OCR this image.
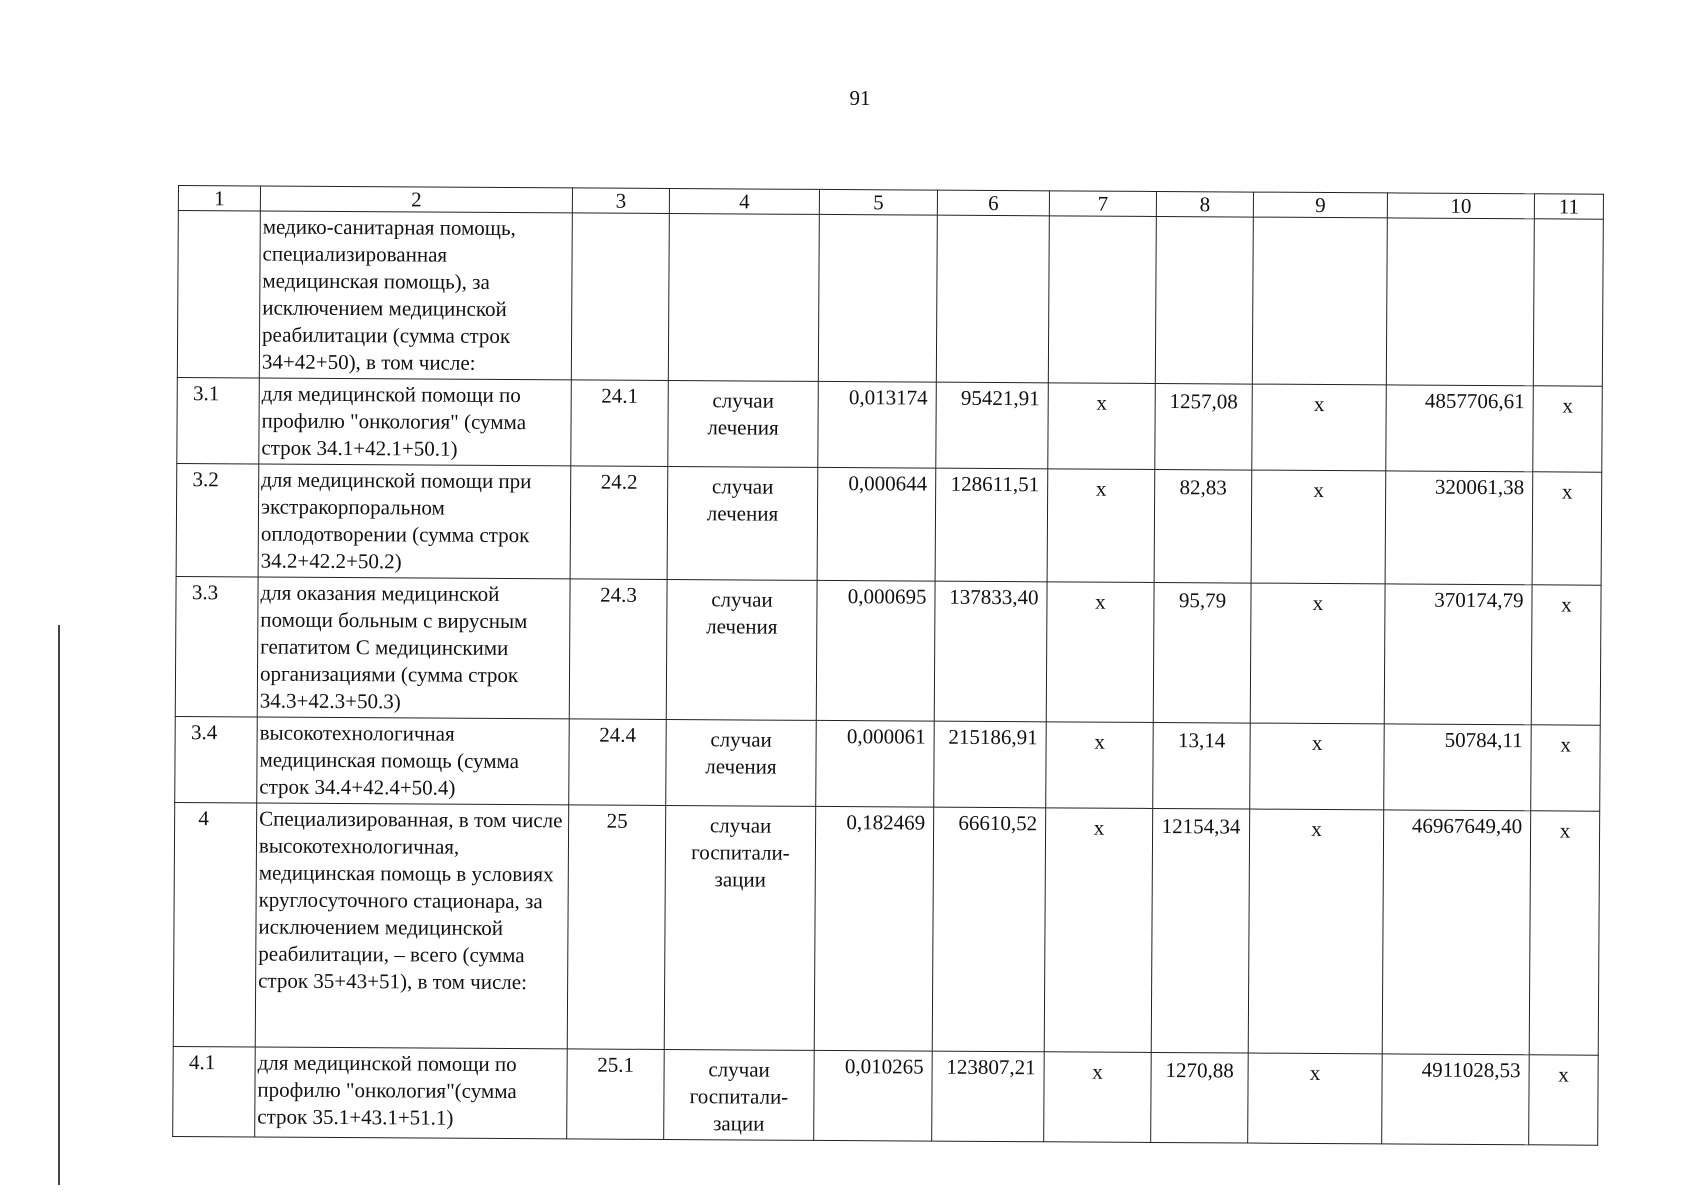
91
1	2	3	4	5	6	7	8	9	10	11
	медико-санитарная помощь, специализированная медицинская помощь), за исключением медицинской реабилитации (сумма строк 34+42+50), в том числе:									
3.1	для медицинской помощи по профилю "онкология" (сумма строк 34.1+42.1+50.1)	24.1	случаи лечения	0,013174	95421,91	х	1257,08	х	4857706,61	х
3.2	для медицинской помощи при экстракорпоральном оплодотворении (сумма строк 34.2+42.2+50.2)	24.2	случаи лечения	0,000644	128611,51	х	82,83	х	320061,38	х
3.3	для оказания медицинской помощи больным с вирусным гепатитом С медицинскими организациями (сумма строк 34.3+42.3+50.3)	24.3	случаи лечения	0,000695	137833,40	х	95,79	х	370174,79	х
3.4	высокотехнологичная медицинская помощь (сумма строк 34.4+42.4+50.4)	24.4	случаи лечения	0,000061	215186,91	х	13,14	х	50784,11	х
4	Специализированная, в том числе высокотехнологичная, медицинская помощь в условиях круглосуточного стационара, за исключением медицинской реабилитации, – всего (сумма строк 35+43+51), в том числе:	25	случаи госпитали-зации	0,182469	66610,52	х	12154,34	х	46967649,40	х
4.1	для медицинской помощи по профилю "онкология"(сумма строк 35.1+43.1+51.1)	25.1	случаи госпитали-зации	0,010265	123807,21	х	1270,88	х	4911028,53	х
